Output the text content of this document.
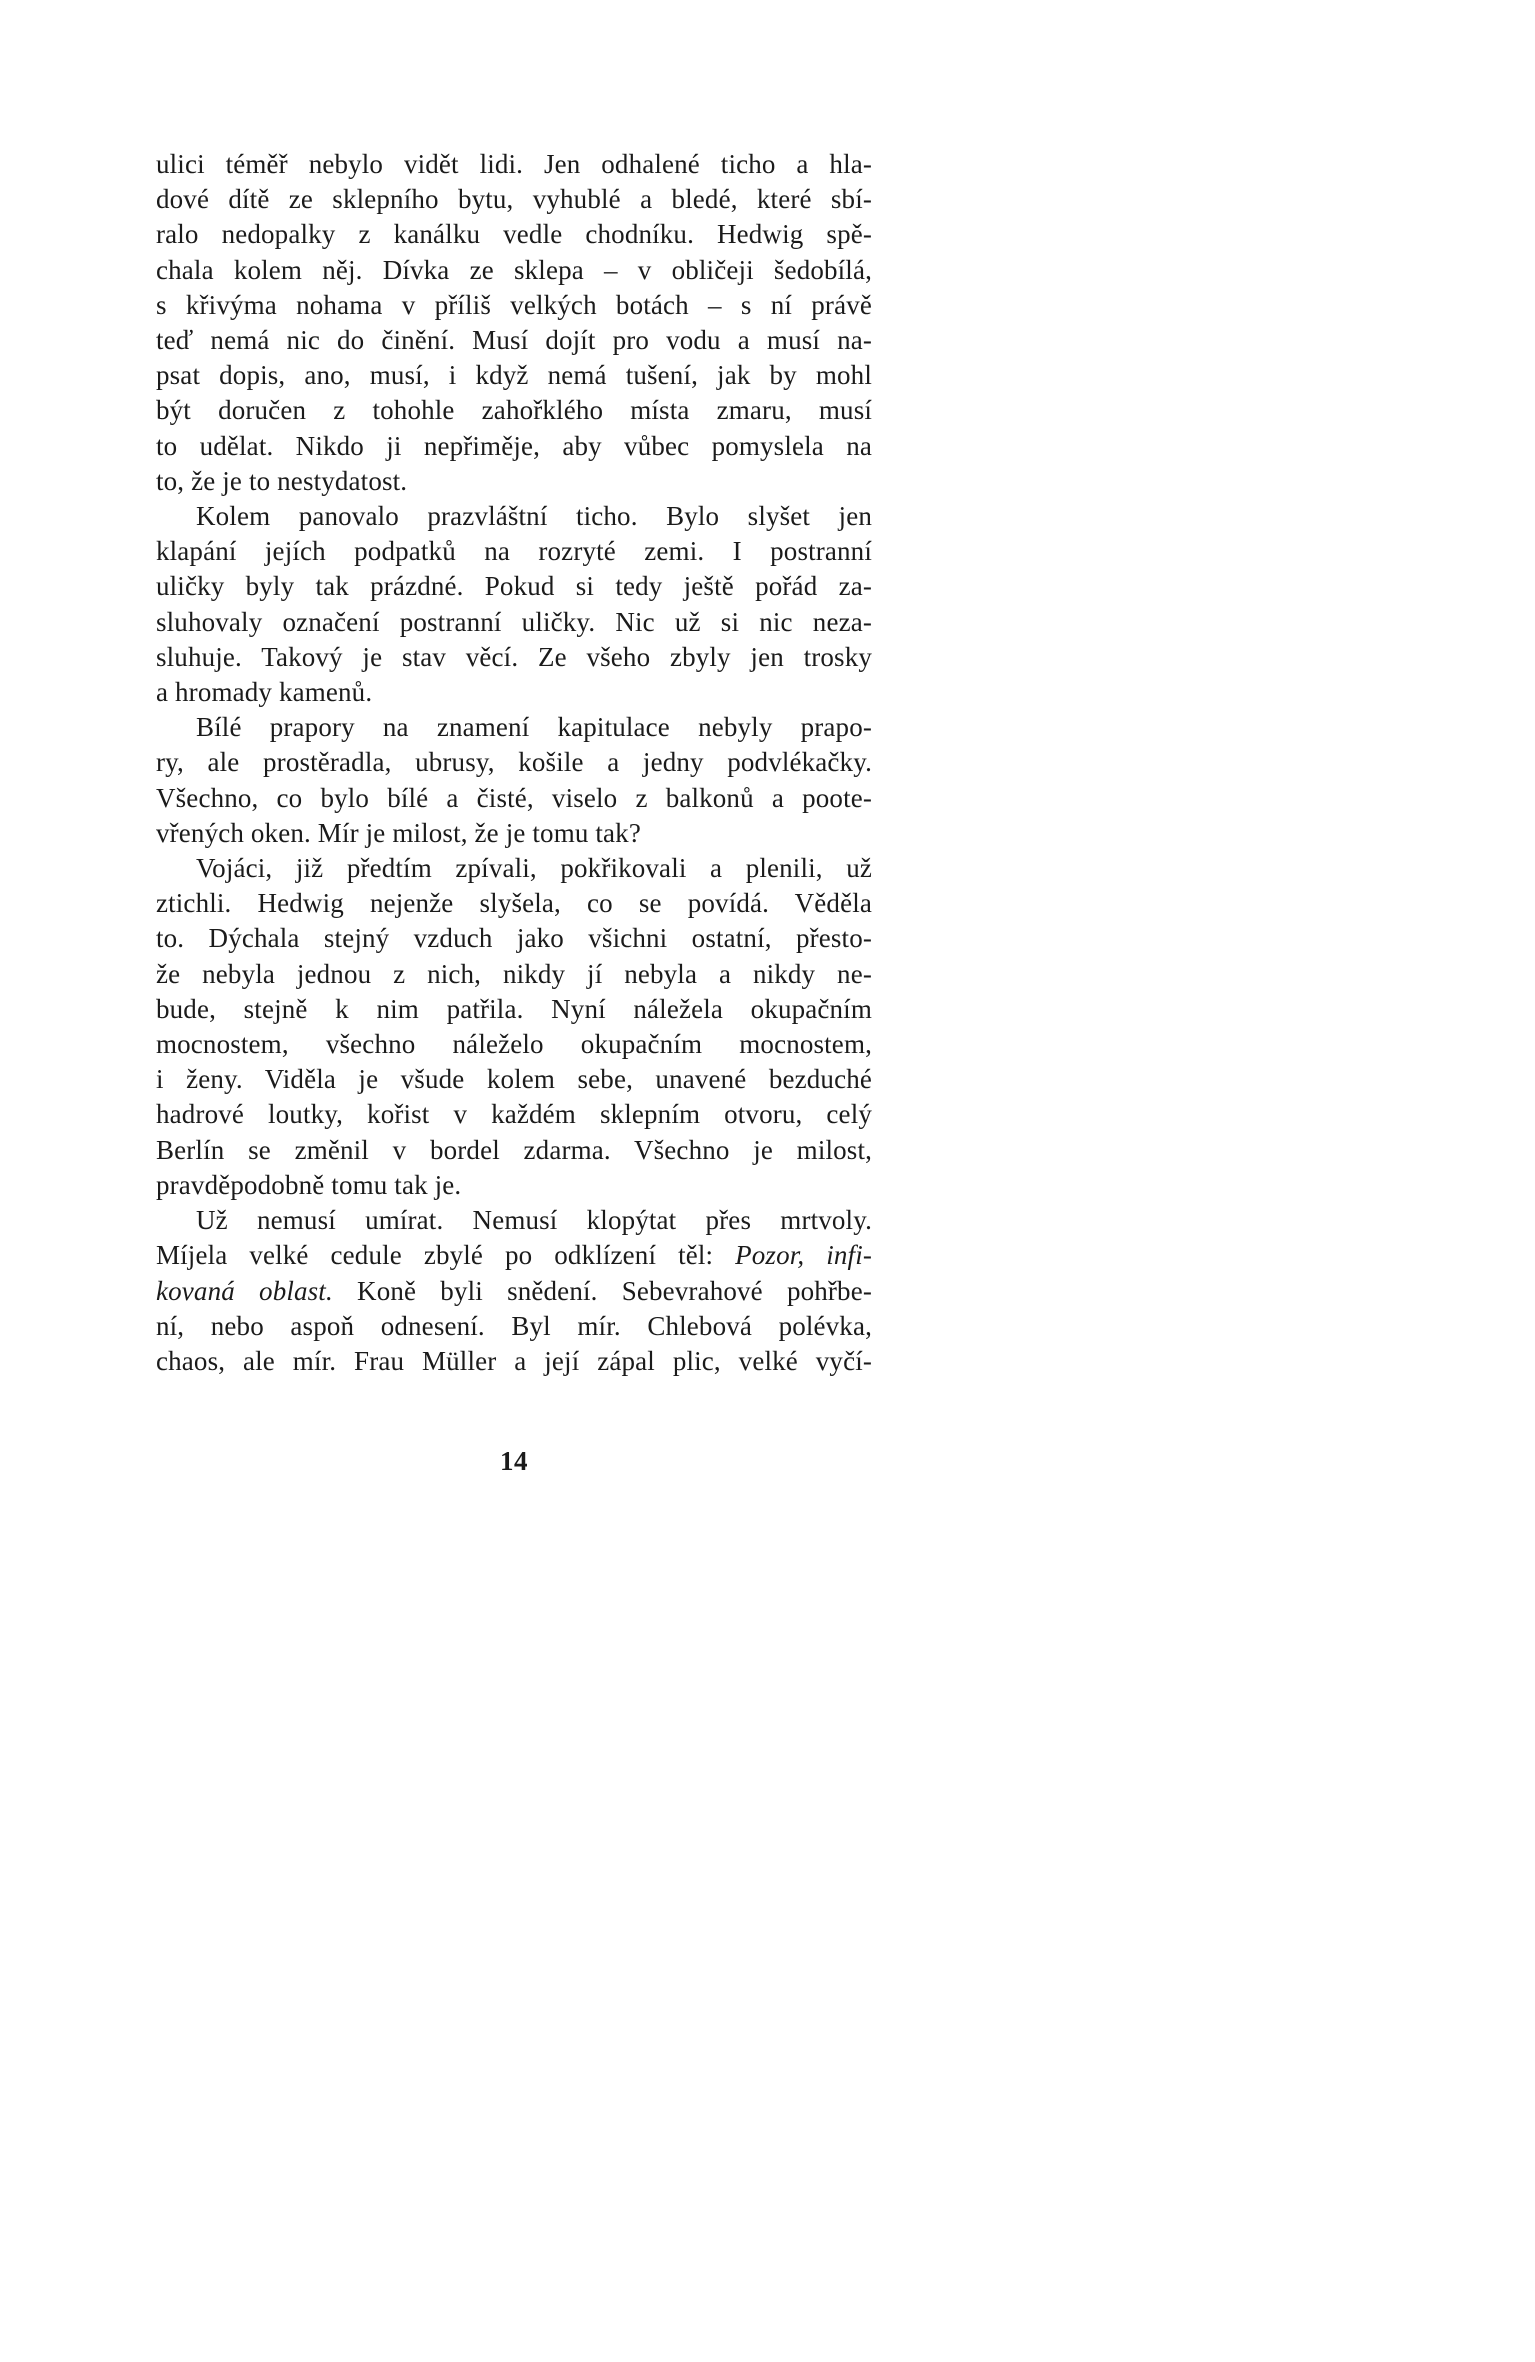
ulici téměř nebylo vidět lidi. Jen odhalené ticho a hla-
dové dítě ze sklepního bytu, vyhublé a bledé, které sbí-
ralo nedopalky z kanálku vedle chodníku. Hedwig spě-
chala kolem něj. Dívka ze sklepa – v obličeji šedobílá,
s křivýma nohama v příliš velkých botách – s ní právě
teď nemá nic do činění. Musí dojít pro vodu a musí na-
psat dopis, ano, musí, i když nemá tušení, jak by mohl
být doručen z tohohle zahořklého místa zmaru, musí
to udělat. Nikdo ji nepřiměje, aby vůbec pomyslela na
to, že je to nestydatost.
Kolem panovalo prazvláštní ticho. Bylo slyšet jen
klapání jejích podpatků na rozryté zemi. I postranní
uličky byly tak prázdné. Pokud si tedy ještě pořád za-
sluhovaly označení postranní uličky. Nic už si nic neza-
sluhuje. Takový je stav věcí. Ze všeho zbyly jen trosky
a hromady kamenů.
Bílé prapory na znamení kapitulace nebyly prapo-
ry, ale prostěradla, ubrusy, košile a jedny podvlékačky.
Všechno, co bylo bílé a čisté, viselo z balkonů a poote-
vřených oken. Mír je milost, že je tomu tak?
Vojáci, již předtím zpívali, pokřikovali a plenili, už
ztichli. Hedwig nejenže slyšela, co se povídá. Věděla
to. Dýchala stejný vzduch jako všichni ostatní, přesto-
že nebyla jednou z nich, nikdy jí nebyla a nikdy ne-
bude, stejně k nim patřila. Nyní náležela okupačním
mocnostem, všechno náleželo okupačním mocnostem,
i ženy. Viděla je všude kolem sebe, unavené bezduché
hadrové loutky, kořist v každém sklepním otvoru, celý
Berlín se změnil v bordel zdarma. Všechno je milost,
pravděpodobně tomu tak je.
Už nemusí umírat. Nemusí klopýtat přes mrtvoly.
Míjela velké cedule zbylé po odklízení těl: Pozor, infi-
kovaná oblast. Koně byli snědení. Sebevrahové pohřbe-
ní, nebo aspoň odnesení. Byl mír. Chlebová polévka,
chaos, ale mír. Frau Müller a její zápal plic, velké vyčí-
14
